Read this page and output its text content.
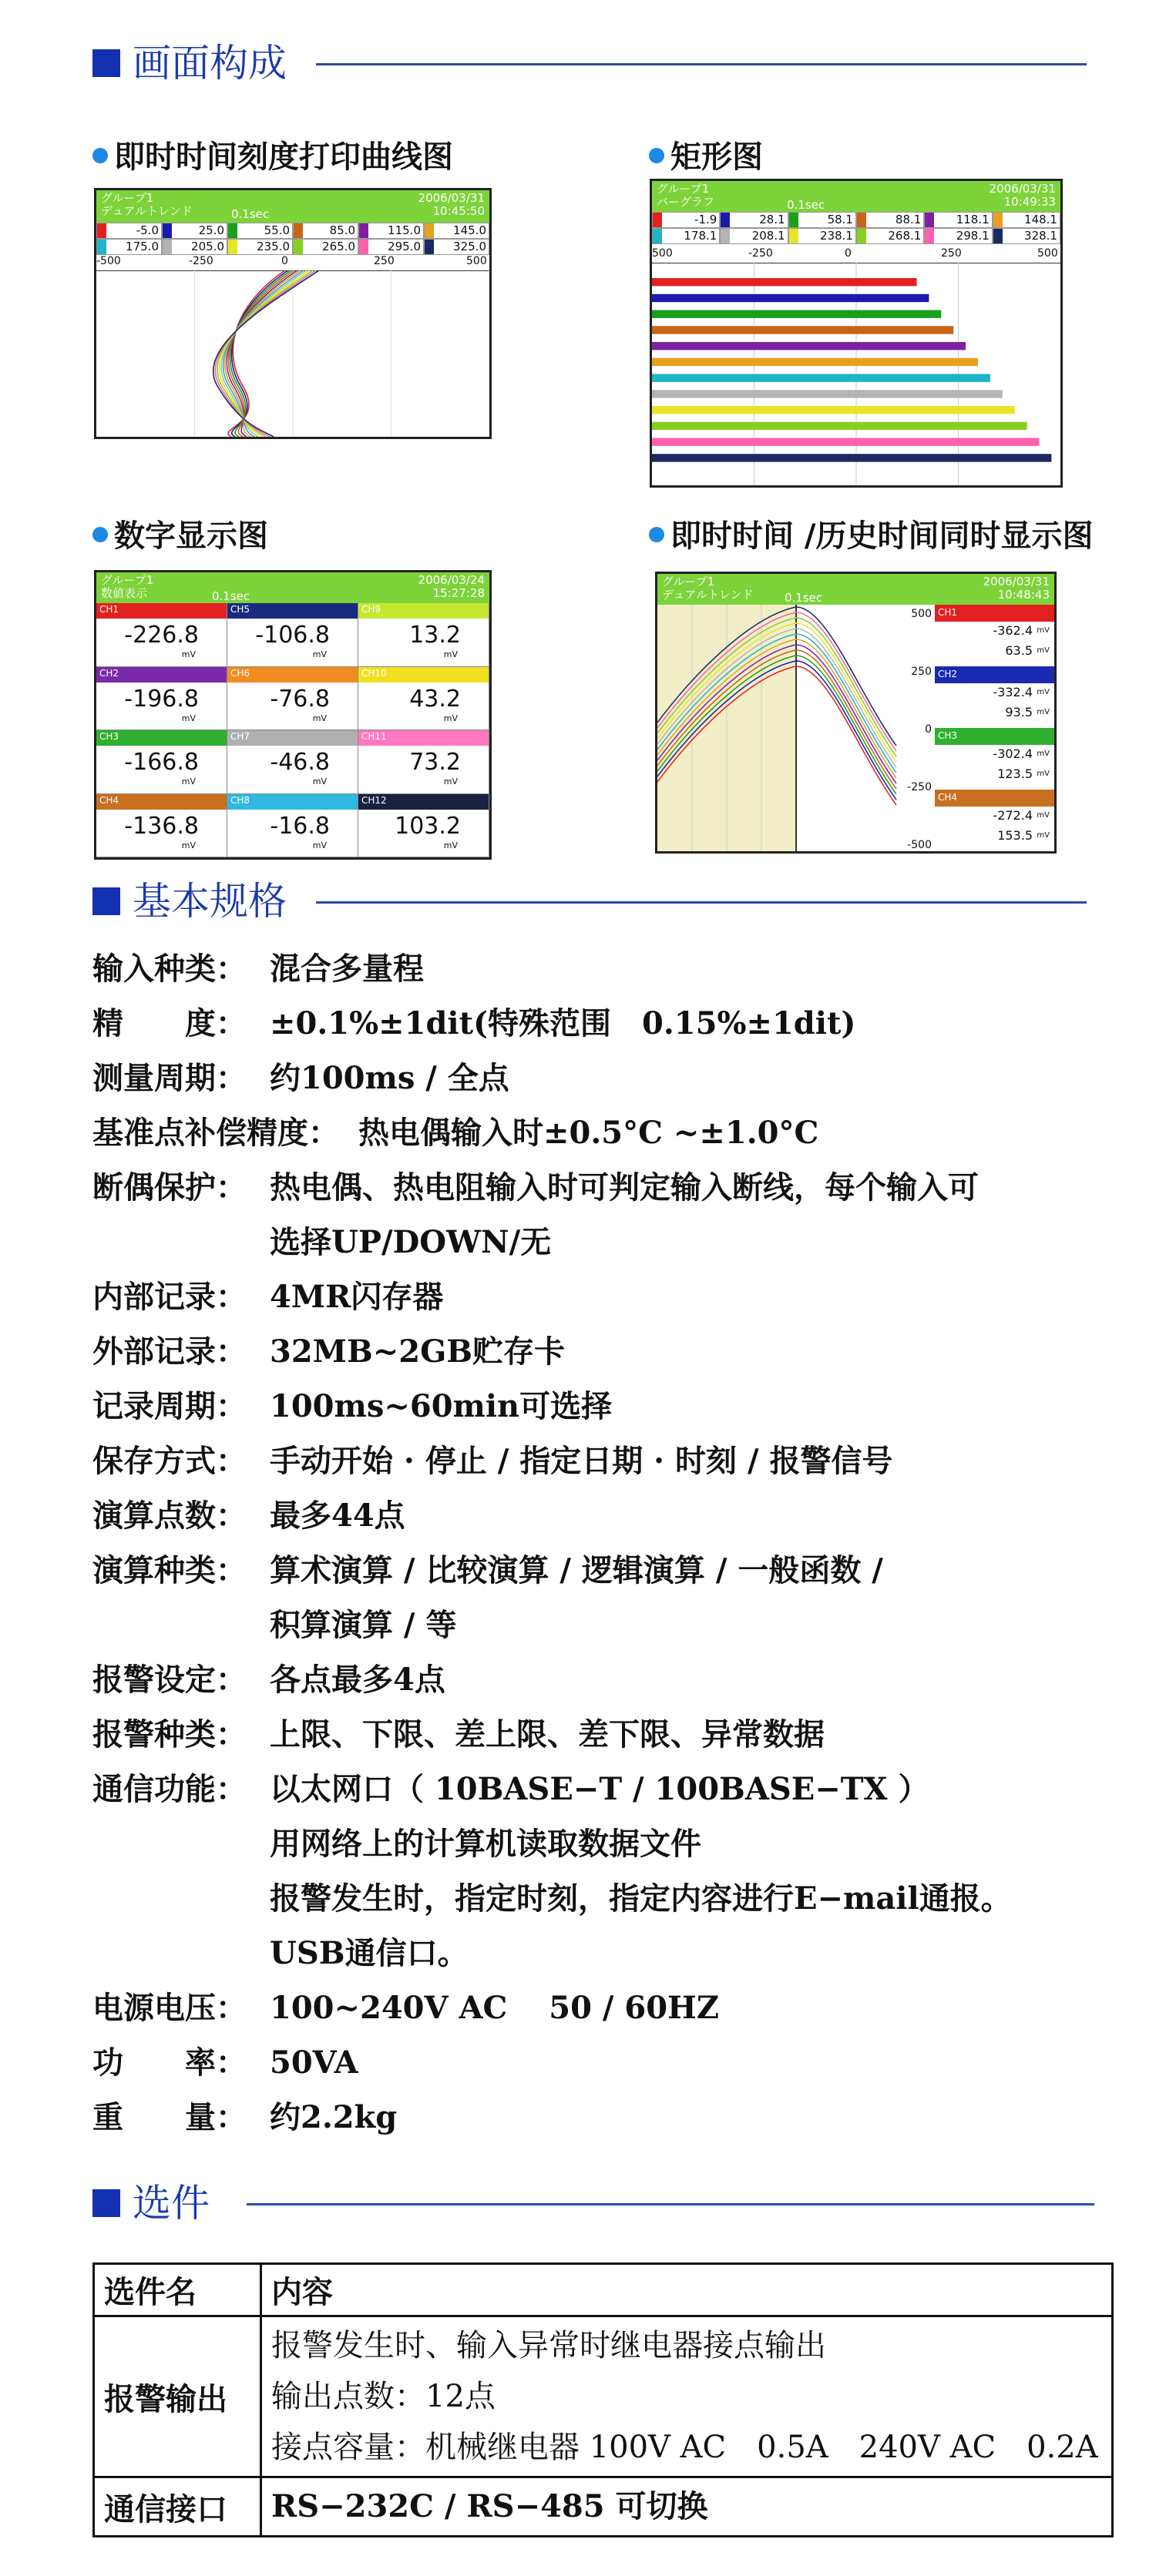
画面构成
即时时间刻度打印曲线图
グループ1
デュアルトレンド	0.1sec
2006/03/31
10:45:50
-5.0	25.0	55.0	85.0	115.0	145.0
175.0	205.0	235.0	265.0	295.0	325.0
-500	-250	0	250	500
矩形图
グループ1
バーグラフ	0.1sec
2006/03/31
10:49:33
-1.9	28.1	58.1	88.1	118.1	148.1
178.1	208.1	238.1	268.1	298.1	328.1
500	-250	0	250	500
数字显示图
グループ1
数値表示	0.1sec
2006/03/24
15:27:28
CH1
-226.8
mV
CH5
-106.8
mV
CH9
13.2
mV
CH2
-196.8
mV
CH6
-76.8
mV
CH10
43.2
mV
CH3
-166.8
mV
CH7
-46.8
mV
CH11
73.2
mV
CH4
-136.8
mV
CH8
-16.8
mV
CH12
103.2
mV
即时时间 /历史时间同时显示图
グループ1
デュアルトレンド	0.1sec
2006/03/31
10:48:43
500
250
0
-250
-500
CH1
-362.4 mV
63.5 mV
CH2
-332.4 mV
93.5 mV
CH3
-302.4 mV
123.5 mV
CH4
-272.4 mV
153.5 mV
基本规格
输入种类： 混合多量程
精　　度： ±0.1%±1dit(特殊范围　0.15%±1dit)
测量周期： 约100ms / 全点
基准点补偿精度： 热电偶输入时±0.5°C ~±1.0°C
断偶保护： 热电偶、热电阻输入时可判定输入断线，每个输入可
选择UP/DOWN/无
内部记录： 4MR闪存器
外部记录： 32MB~2GB贮存卡
记录周期： 100ms~60min可选择
保存方式： 手动开始 · 停止 / 指定日期 · 时刻 / 报警信号
演算点数： 最多44点
演算种类： 算术演算 / 比较演算 / 逻辑演算 / 一般函数 /
积算演算 / 等
报警设定： 各点最多4点
报警种类： 上限、下限、差上限、差下限、异常数据
通信功能： 以太网口（ 10BASE−T / 100BASE−TX ）
用网络上的计算机读取数据文件
报警发生时，指定时刻，指定内容进行E−mail通报。
USB通信口。
电源电压： 100~240V AC　 50 / 60HZ
功　　率： 50VA
重　　量： 约2.2kg
选件
选件名	内容
报警输出	报警发生时、输入异常时继电器接点输出
输出点数：12点
接点容量：机械继电器 100V AC　0.5A　240V AC　0.2A

通信接口	RS−232C / RS−485 可切换
